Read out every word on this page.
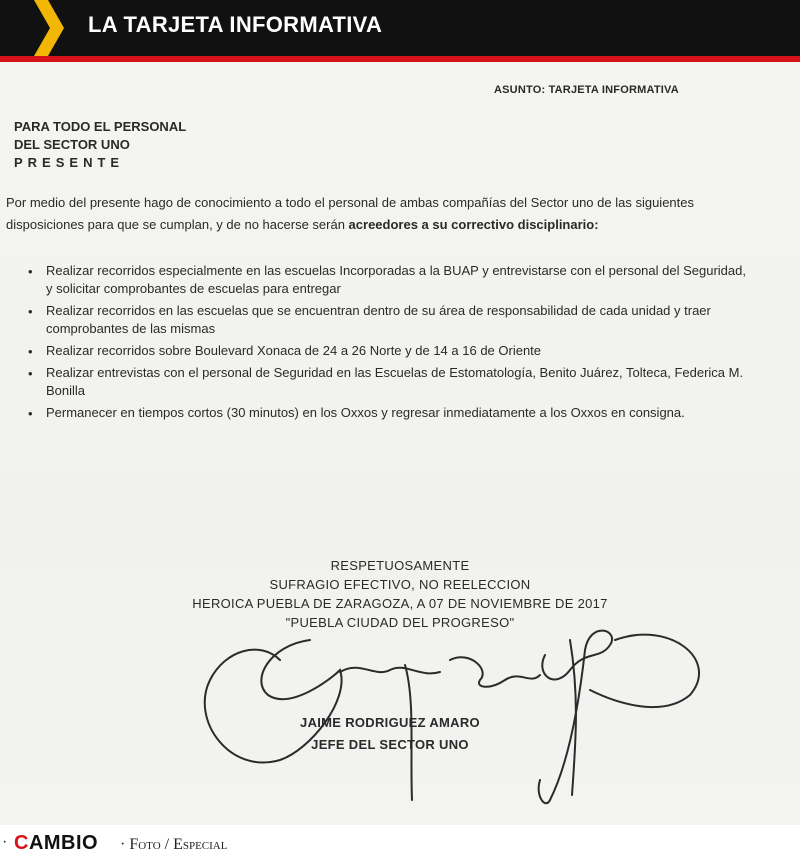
LA TARJETA INFORMATIVA
ASUNTO: TARJETA INFORMATIVA
PARA TODO EL PERSONAL
DEL SECTOR UNO
PRESENTE
Por medio del presente hago de conocimiento a todo el personal de ambas compañías del Sector uno de las siguientes disposiciones para que se cumplan, y de no hacerse serán acreedores a su correctivo disciplinario:
• Realizar recorridos especialmente en las escuelas Incorporadas a la BUAP y entrevistarse con el personal del Seguridad, y solicitar comprobantes de escuelas para entregar
• Realizar recorridos en las escuelas que se encuentran dentro de su área de responsabilidad de cada unidad y traer comprobantes de las mismas
• Realizar recorridos sobre Boulevard Xonaca de 24 a 26 Norte y de 14 a 16 de Oriente
• Realizar entrevistas con el personal de Seguridad en las Escuelas de Estomatología, Benito Juárez, Tolteca, Federica M. Bonilla
• Permanecer en tiempos cortos (30 minutos) en los Oxxos y regresar inmediatamente a los Oxxos en consigna.
RESPETUOSAMENTE
SUFRAGIO EFECTIVO, NO REELECCION
HEROICA PUEBLA DE ZARAGOZA, A 07 DE NOVIEMBRE DE 2017
"PUEBLA CIUDAD DEL PROGRESO"
JAIME RODRIGUEZ AMARO
JEFE DEL SECTOR UNO
· CAMBIO · Foto / Especial
